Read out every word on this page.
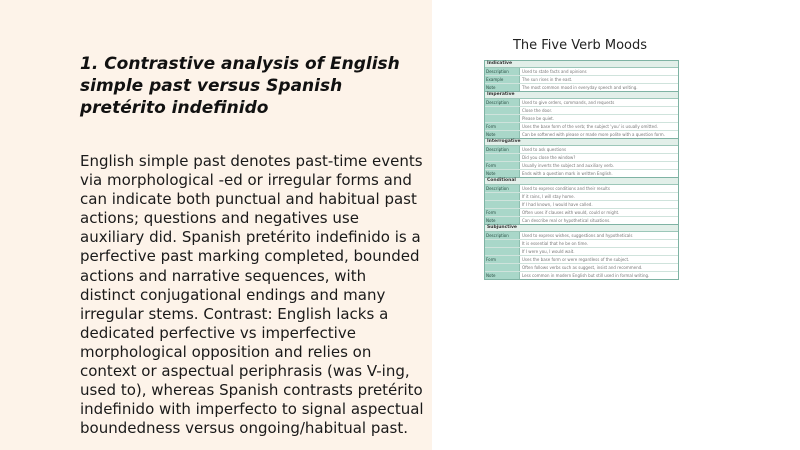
1. Contrastive analysis of English simple past versus Spanish pretérito indefinido

English simple past denotes past-time events via morphological -ed or irregular forms and can indicate both punctual and habitual past actions; questions and negatives use auxiliary did. Spanish pretérito indefinido is a perfective past marking completed, bounded actions and narrative sequences, with distinct conjugational endings and many irregular stems. Contrast: English lacks a dedicated perfective vs imperfective morphological opposition and relies on context or aspectual periphrasis (was V-ing, used to), whereas Spanish contrasts pretérito indefinido with imperfecto to signal aspectual boundedness versus ongoing/habitual past.

The Five Verb Moods

Indicative
Description	Used to state facts and opinions
Example	The sun rises in the east.
Note	The most common mood in everyday speech and writing.
Imperative
Description	Used to give orders, commands, and requests
Close the door.
Please be quiet.
Form	Uses the base form of the verb; the subject 'you' is usually omitted.
Note	Can be softened with please or made more polite with a question form.
Interrogative
Description	Used to ask questions
Did you close the window?
Form	Usually inverts the subject and auxiliary verb.
Note	Ends with a question mark in written English.
Conditional
Description	Used to express conditions and their results
If it rains, I will stay home.
If I had known, I would have called.
Form	Often uses if clauses with would, could or might.
Note	Can describe real or hypothetical situations.
Subjunctive
Description	Used to express wishes, suggestions and hypotheticals
It is essential that he be on time.
If I were you, I would wait.
Form	Uses the base form or were regardless of the subject.
Often follows verbs such as suggest, insist and recommend.
Note	Less common in modern English but still used in formal writing.
